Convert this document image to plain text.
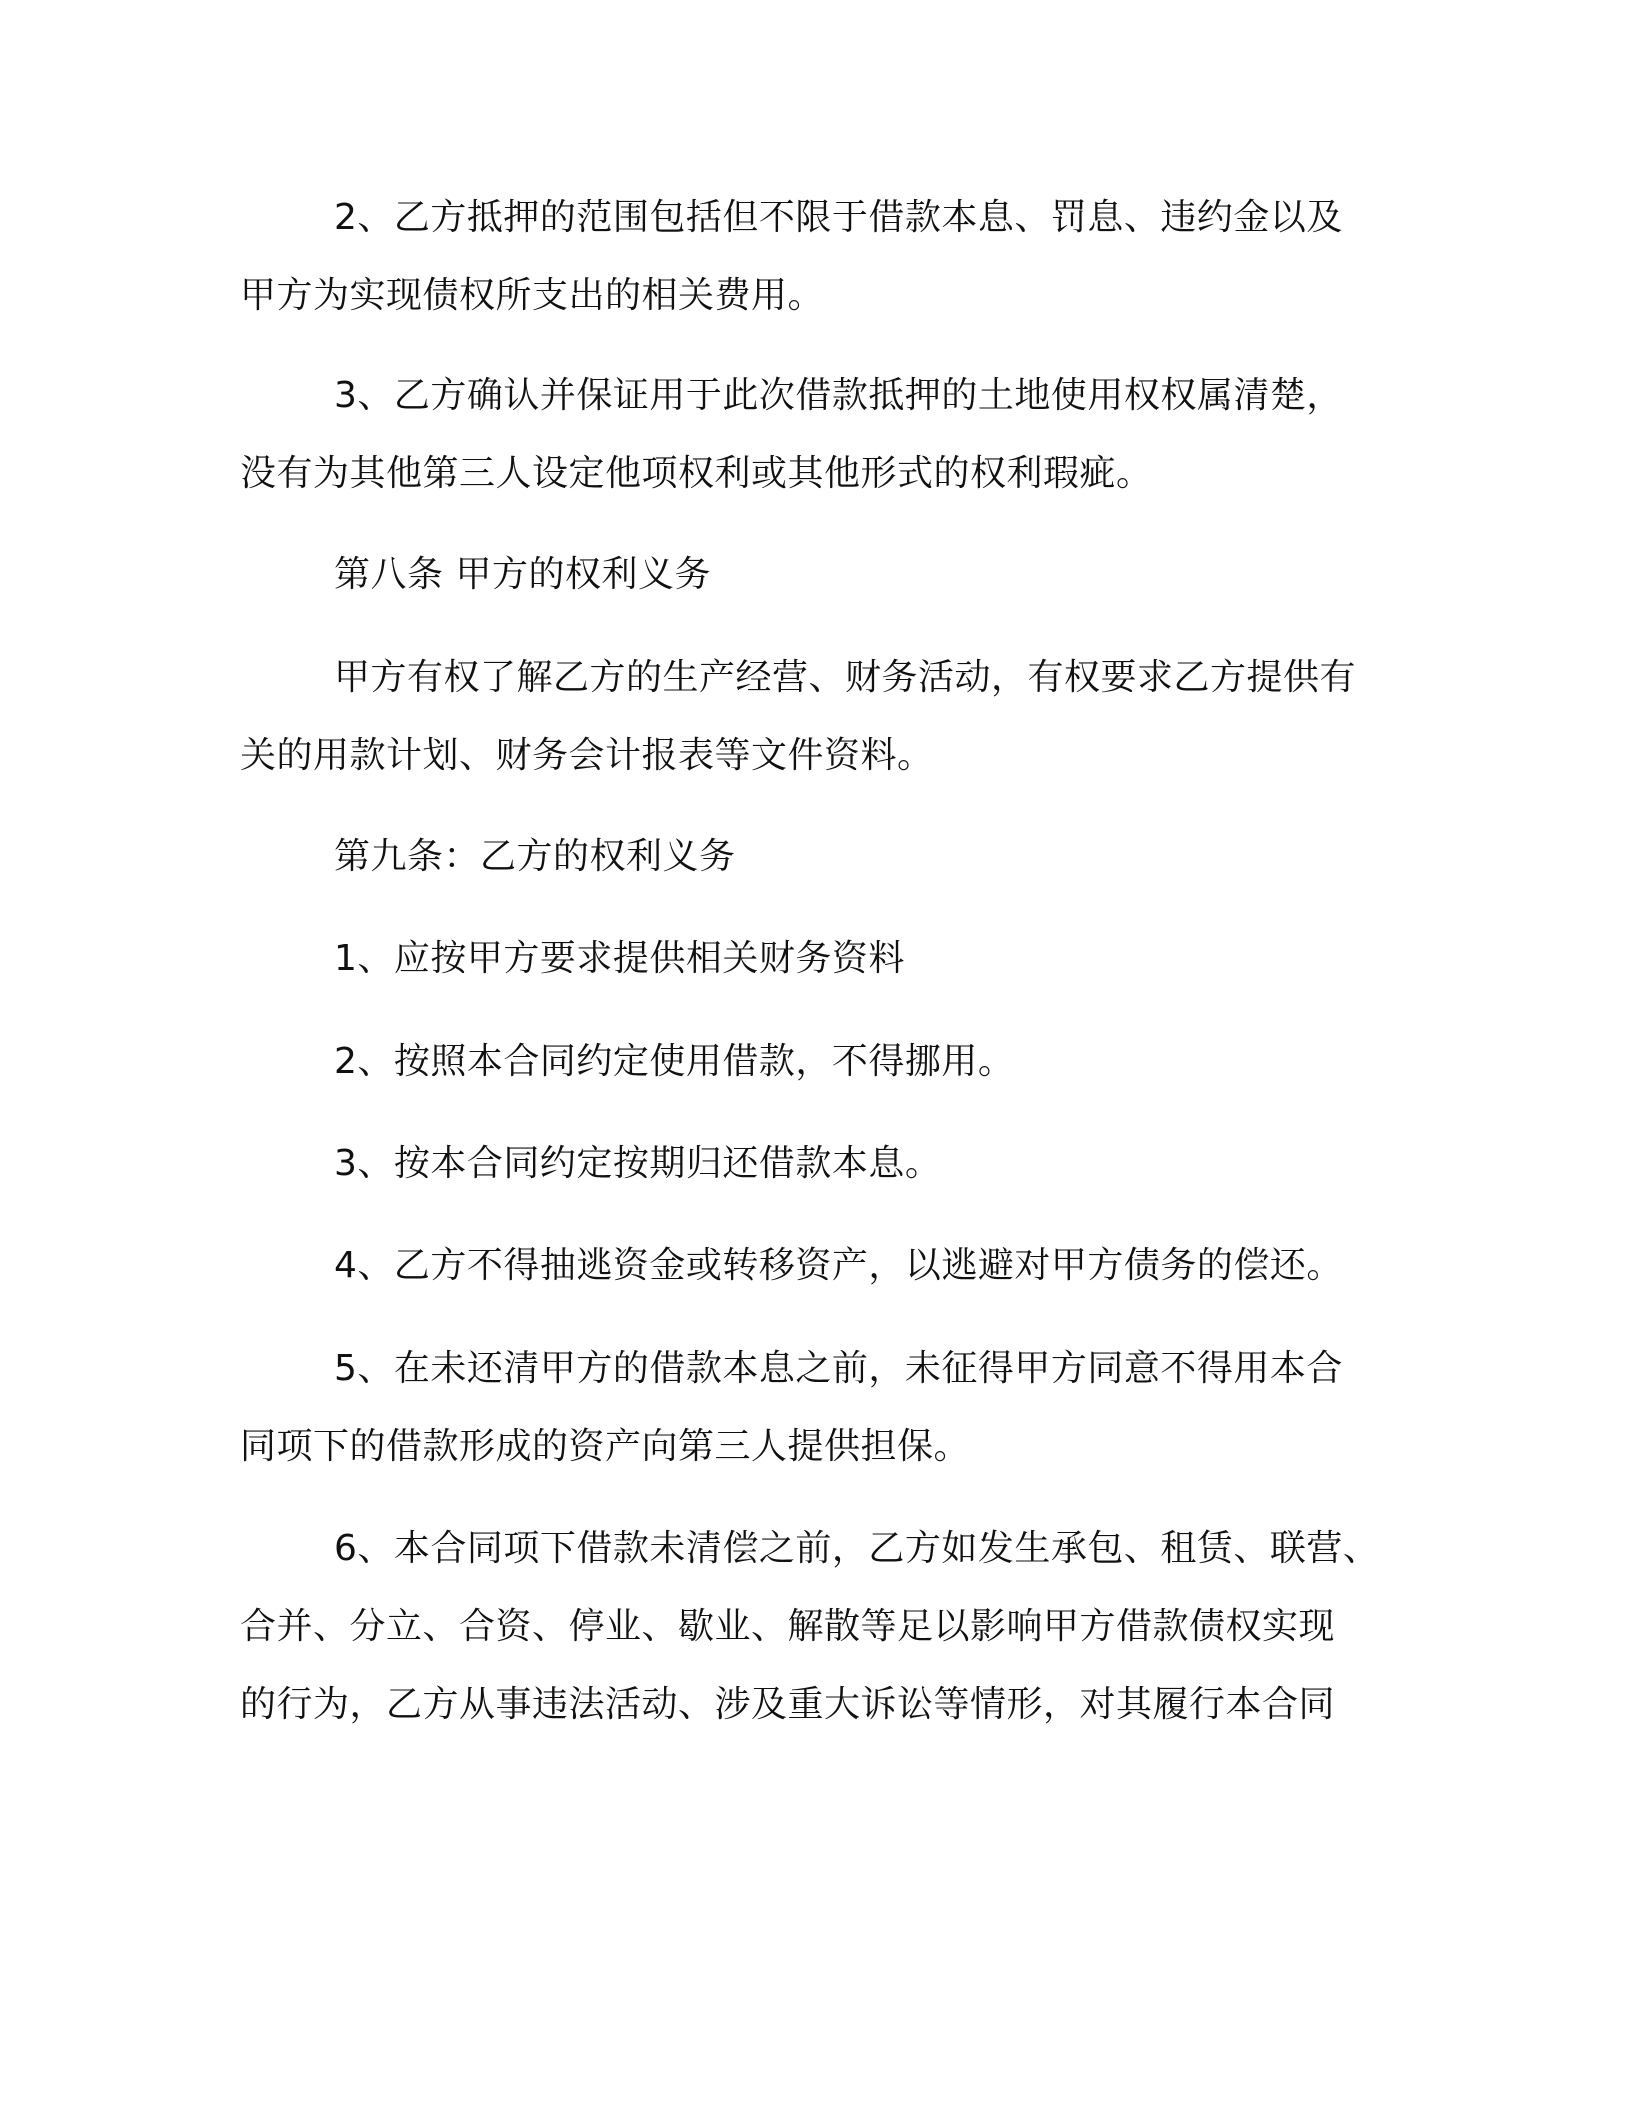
2、乙方抵押的范围包括但不限于借款本息、罚息、违约金以及

甲方为实现债权所支出的相关费用。

3、乙方确认并保证用于此次借款抵押的土地使用权权属清楚，

没有为其他第三人设定他项权利或其他形式的权利瑕疵。

第八条 甲方的权利义务

甲方有权了解乙方的生产经营、财务活动，有权要求乙方提供有

关的用款计划、财务会计报表等文件资料。

第九条：乙方的权利义务

1、应按甲方要求提供相关财务资料

2、按照本合同约定使用借款，不得挪用。

3、按本合同约定按期归还借款本息。

4、乙方不得抽逃资金或转移资产，以逃避对甲方债务的偿还。

5、在未还清甲方的借款本息之前，未征得甲方同意不得用本合

同项下的借款形成的资产向第三人提供担保。

6、本合同项下借款未清偿之前，乙方如发生承包、租赁、联营、

合并、分立、合资、停业、歇业、解散等足以影响甲方借款债权实现

的行为，乙方从事违法活动、涉及重大诉讼等情形，对其履行本合同
